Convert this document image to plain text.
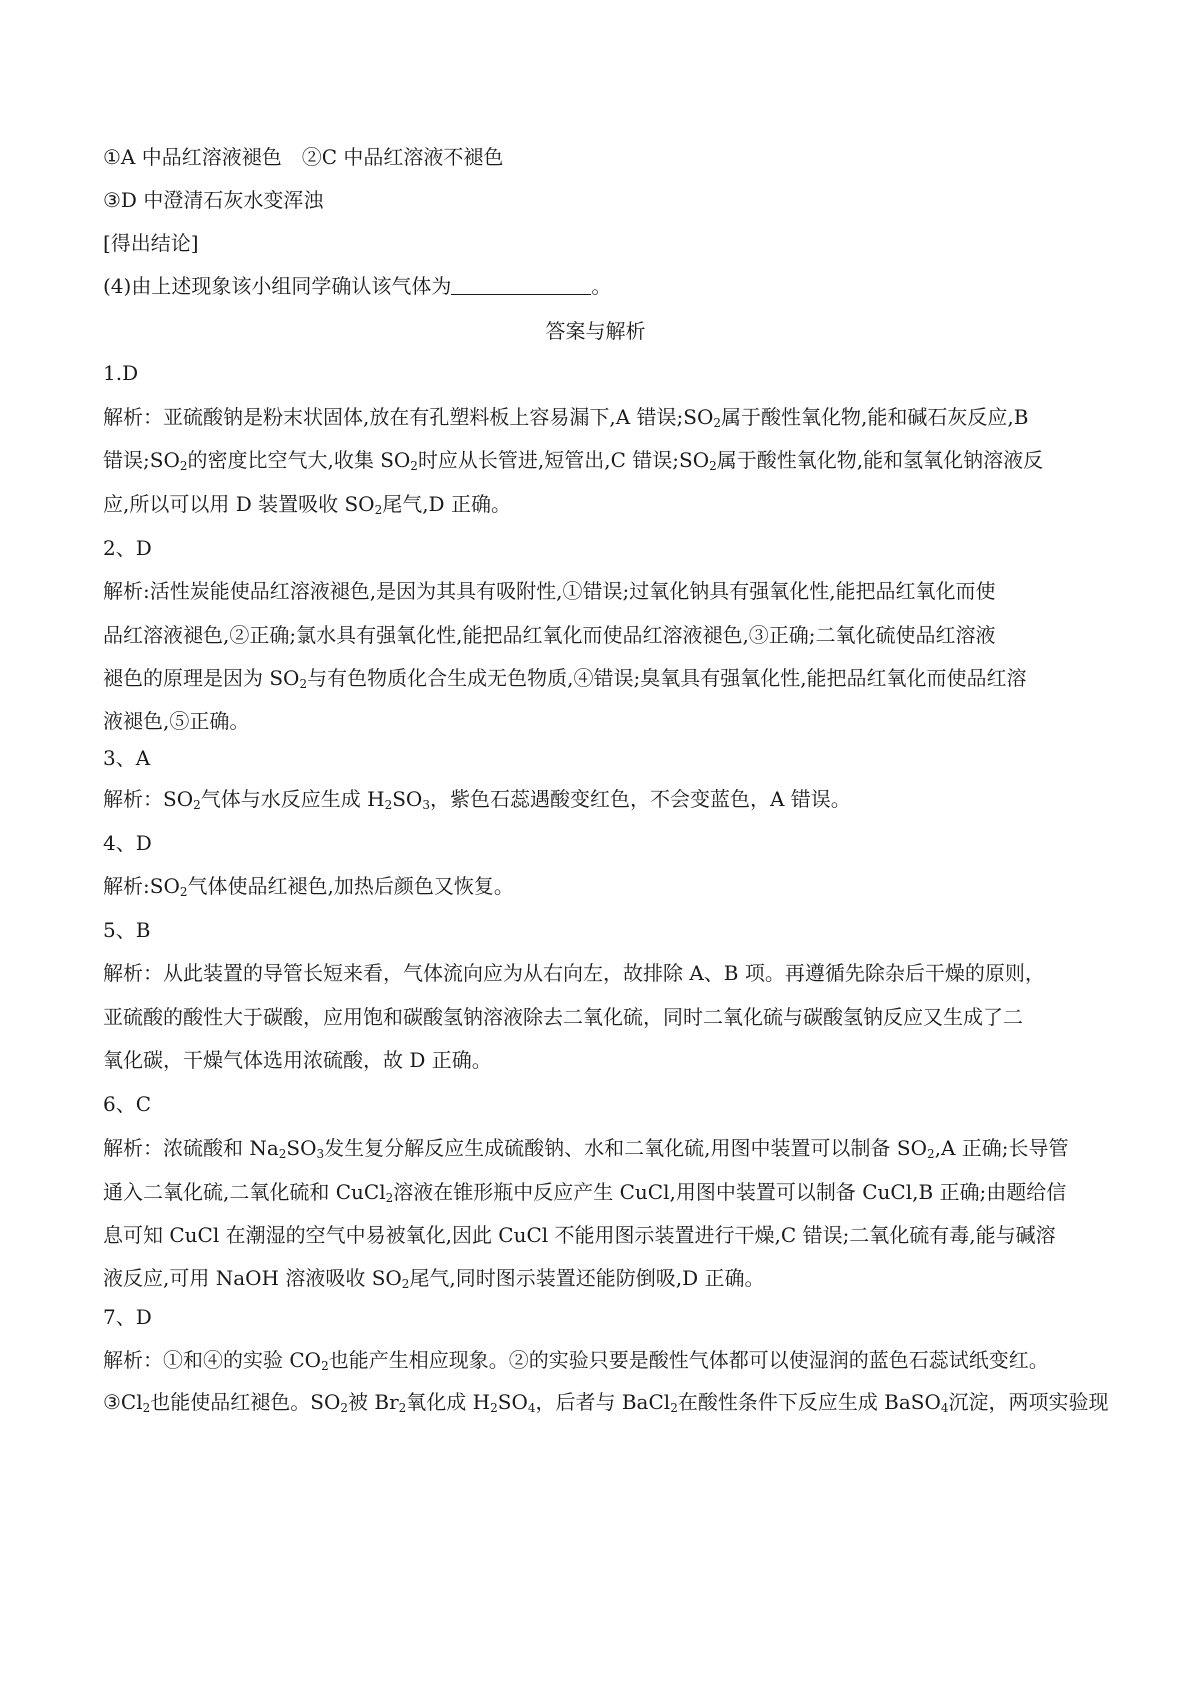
①A 中品红溶液褪色　②C 中品红溶液不褪色
③D 中澄清石灰水变浑浊
[得出结论]
(4)由上述现象该小组同学确认该气体为	。
答案与解析
1.D
解析：亚硫酸钠是粉末状固体,放在有孔塑料板上容易漏下,A 错误$;SO_2$属于酸性氧化物,能和碱石灰反应,B
错误$;SO_2$的密度比空气大,收集 $SO_2$时应从长管进,短管出,C 错误$;SO_2$属于酸性氧化物,能和氢氧化钠溶液反
应,所以可以用 D 装置吸收 $SO_2$尾气,D 正确。
2、D
解析:活性炭能使品红溶液褪色,是因为其具有吸附性,①错误;过氧化钠具有强氧化性,能把品红氧化而使
品红溶液褪色,②正确;氯水具有强氧化性,能把品红氧化而使品红溶液褪色,③正确;二氧化硫使品红溶液
褪色的原理是因为 $SO_2$与有色物质化合生成无色物质,④错误;臭氧具有强氧化性,能把品红氧化而使品红溶
液褪色,⑤正确。
3、A
解析：$SO_2$气体与水反应生成 $H_2SO_3$，紫色石蕊遇酸变红色，不会变蓝色，A 错误。
4、D
解析$:SO_2$气体使品红褪色,加热后颜色又恢复。
5、B
解析：从此装置的导管长短来看，气体流向应为从右向左，故排除 A、B 项。再遵循先除杂后干燥的原则，
亚硫酸的酸性大于碳酸，应用饱和碳酸氢钠溶液除去二氧化硫，同时二氧化硫与碳酸氢钠反应又生成了二
氧化碳，干燥气体选用浓硫酸，故 D 正确。
6、C
解析：浓硫酸和 $Na_2SO_3$发生复分解反应生成硫酸钠、水和二氧化硫,用图中装置可以制备 $SO_2,A$ 正确;长导管
通入二氧化硫,二氧化硫和 CuCl$_2$溶液在锥形瓶中反应产生 CuCl,用图中装置可以制备 CuCl,B 正确;由题给信
息可知 CuCl 在潮湿的空气中易被氧化,因此 CuCl 不能用图示装置进行干燥,C 错误;二氧化硫有毒,能与碱溶
液反应,可用 NaOH 溶液吸收 $SO_2$尾气,同时图示装置还能防倒吸,D 正确。
7、D
解析：①和④的实验 $CO_2$也能产生相应现象。②的实验只要是酸性气体都可以使湿润的蓝色石蕊试纸变红。
$③Cl_2$也能使品红褪色。$SO_2$被 $Br_2$氧化成 $H_2SO_4$，后者与 BaCl$_2$在酸性条件下反应生成 BaSO$_4$沉淀，两项实验现
